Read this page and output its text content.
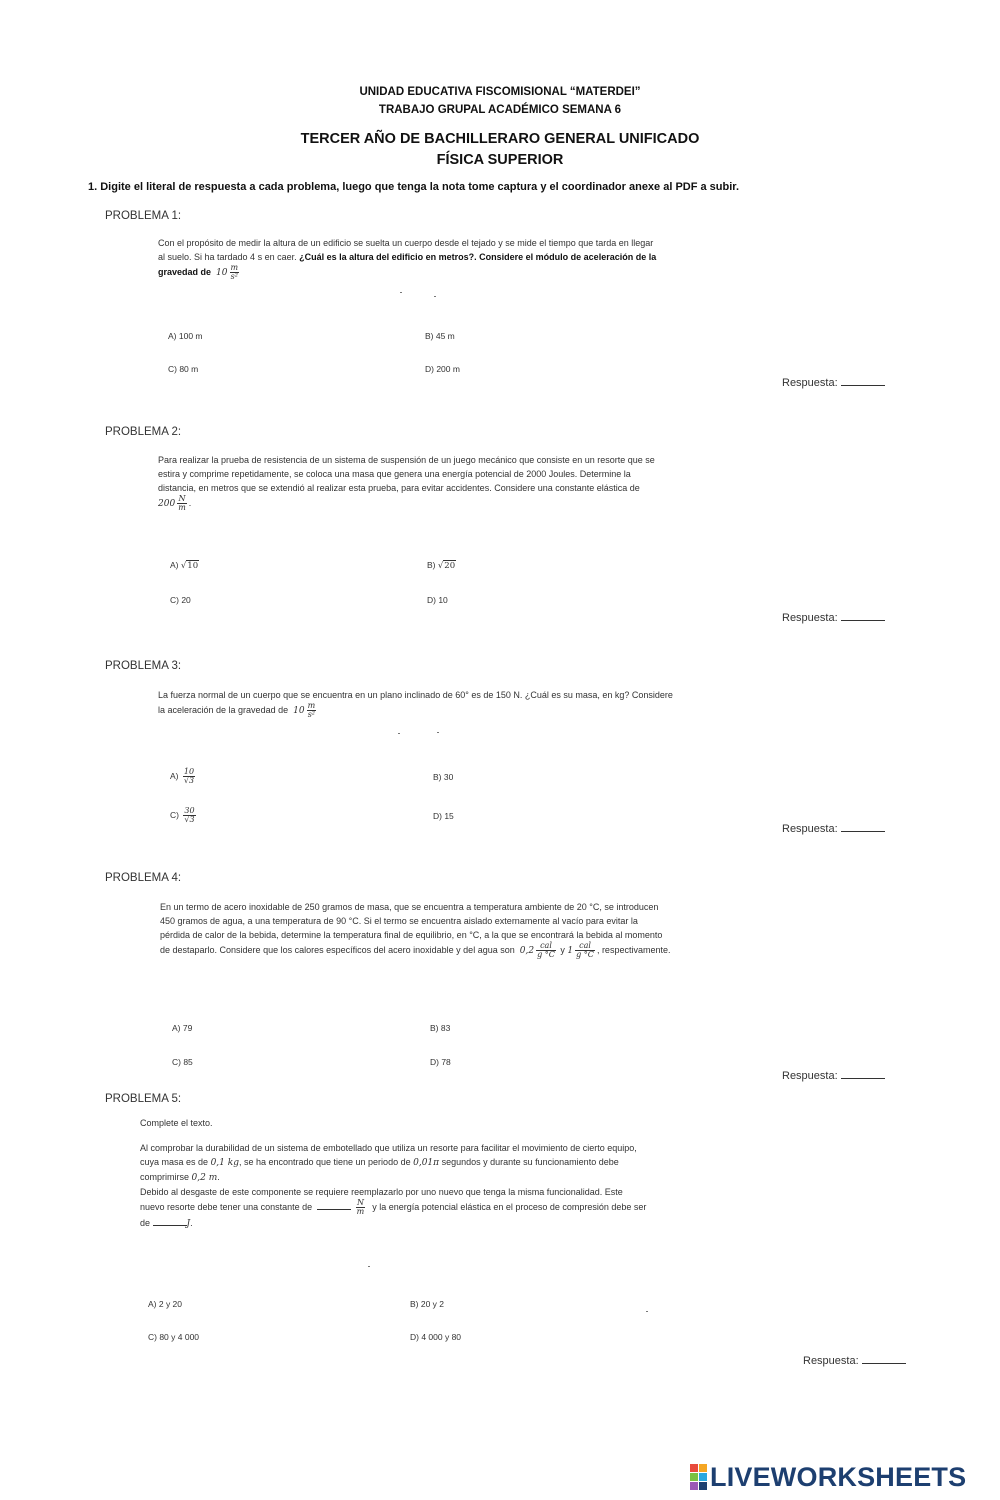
UNIDAD EDUCATIVA FISCOMISIONAL “MATERDEI”
TRABAJO GRUPAL ACADÉMICO SEMANA 6
TERCER AÑO DE BACHILLERARO GENERAL UNIFICADO
FÍSICA SUPERIOR
1. Digite el literal de respuesta a cada problema, luego que tenga la nota tome captura y el coordinador anexe al PDF a subir.
PROBLEMA 1:
Con el propósito de medir la altura de un edificio se suelta un cuerpo desde el tejado y se mide el tiempo que tarda en llegar
al suelo. Si ha tardado 4 s en caer. ¿Cuál es la altura del edificio en metros?. Considere el módulo de aceleración de la
gravedad de $10 \frac{m}{\text{s²}}$
A) 100 m	B) 45 m
C) 80 m	D) 200 m
Respuesta:
PROBLEMA 2:
Para realizar la prueba de resistencia de un sistema de suspensión de un juego mecánico que consiste en un resorte que se
estira y comprime repetidamente, se coloca una masa que genera una energía potencial de 2000 Joules. Determine la
distancia, en metros que se extendió al realizar esta prueba, para evitar accidentes. Considere una constante elástica de
$200 \frac{N}{m}$ .
A) √10	B) √20
C) 20	D) 10
Respuesta:
PROBLEMA 3:
La fuerza normal de un cuerpo que se encuentra en un plano inclinado de 60° es de 150 N. ¿Cuál es su masa, en kg? Considere
la aceleración de la gravedad de $10 \frac{m}{\text{s²}}$
$A) \frac{10}{√3}$	B) 30
$C) \frac{30}{√3}$	D) 15
Respuesta:
PROBLEMA 4:
En un termo de acero inoxidable de 250 gramos de masa, que se encuentra a temperatura ambiente de 20 °C, se introducen
450 gramos de agua, a una temperatura de 90 °C. Si el termo se encuentra aislado externamente al vacío para evitar la
pérdida de calor de la bebida, determine la temperatura final de equilibrio, en °C, a la que se encontrará la bebida al momento
de destaparlo. Considere que los calores específicos del acero inoxidable y del agua son $0,2 \frac{\text{cal}}{g ^\circ C}$ y $1 \frac{\text{cal}}{g ^\circ C}$ , respectivamente.
A) 79	B) 83
C) 85	D) 78
Respuesta:
PROBLEMA 5:
Complete el texto.
Al comprobar la durabilidad de un sistema de embotellado que utiliza un resorte para facilitar el movimiento de cierto equipo,
cuya masa es de 0,1 kg, se ha encontrado que tiene un periodo de 0,01π segundos y durante su funcionamiento debe
comprimirse 0,2 m.
Debido al desgaste de este componente se requiere reemplazarlo por uno nuevo que tenga la misma funcionalidad. Este
nuevo resorte debe tener una constante de	$\frac{N}{m}$ y la energía potencial elástica en el proceso de compresión debe ser
de	J.
A) 2 y 20	B) 20 y 2
C) 80 y 4 000	D) 4 000 y 80
Respuesta:
LIVEWORKSHEETS
